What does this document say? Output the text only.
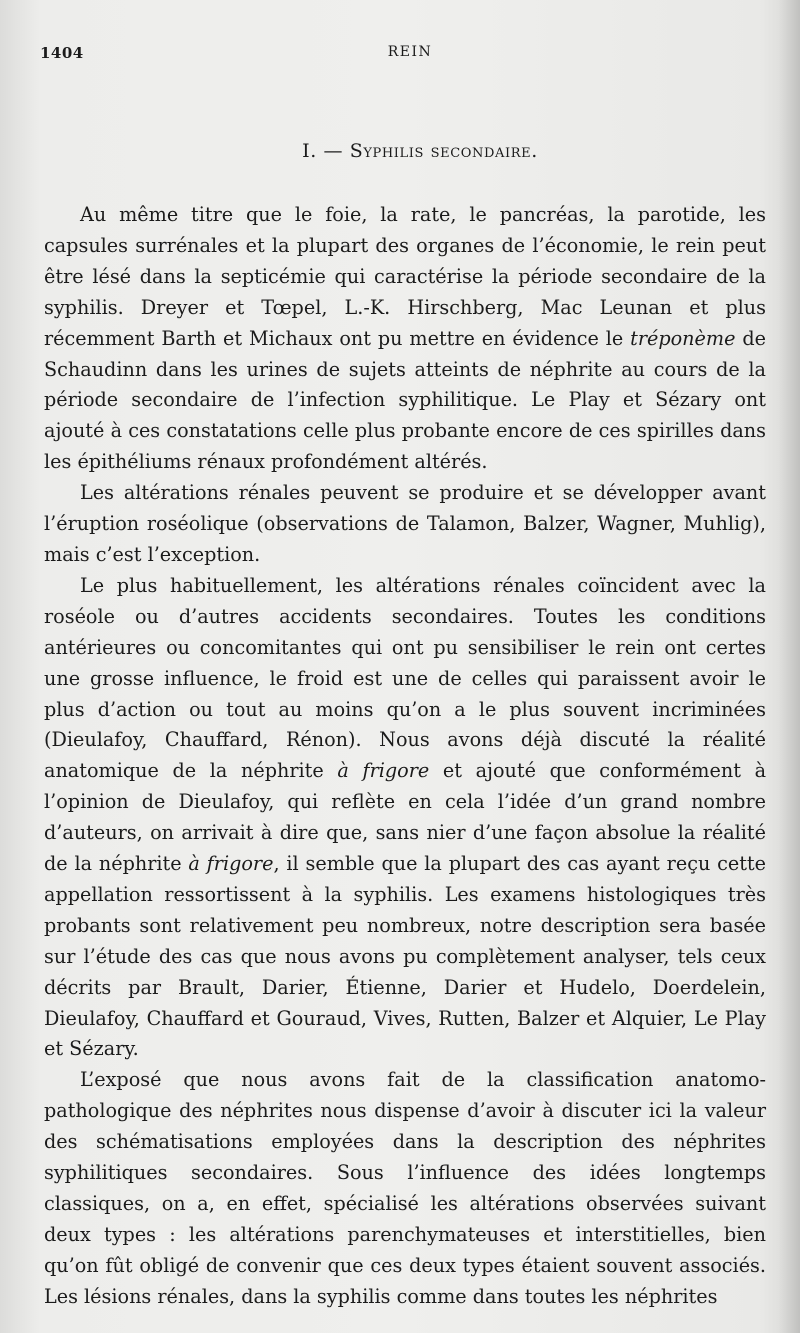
1404	REIN
I. — Syphilis secondaire.

Au même titre que le foie, la rate, le pancréas, la parotide, les capsules surrénales et la plupart des organes de l’économie, le rein peut être lésé dans la septicémie qui caractérise la période secondaire de la syphilis. Dreyer et Tœpel, L.-K. Hirschberg, Mac Leunan et plus récemment Barth et Michaux ont pu mettre en évidence le tréponème de Schaudinn dans les urines de sujets atteints de néphrite au cours de la période secondaire de l’infection syphilitique. Le Play et Sézary ont ajouté à ces constatations celle plus probante encore de ces spirilles dans les épithéliums rénaux profondément altérés.

Les altérations rénales peuvent se produire et se développer avant l’éruption roséolique (observations de Talamon, Balzer, Wagner, Muhlig), mais c’est l’exception.

Le plus habituellement, les altérations rénales coïncident avec la roséole ou d’autres accidents secondaires. Toutes les conditions antérieures ou concomitantes qui ont pu sensibiliser le rein ont certes une grosse influence, le froid est une de celles qui paraissent avoir le plus d’action ou tout au moins qu’on a le plus souvent incriminées (Dieulafoy, Chauffard, Rénon). Nous avons déjà discuté la réalité anatomique de la néphrite à frigore et ajouté que conformément à l’opinion de Dieulafoy, qui reflète en cela l’idée d’un grand nombre d’auteurs, on arrivait à dire que, sans nier d’une façon absolue la réalité de la néphrite à frigore, il semble que la plupart des cas ayant reçu cette appellation ressortissent à la syphilis. Les examens histologiques très probants sont relativement peu nombreux, notre description sera basée sur l’étude des cas que nous avons pu complètement analyser, tels ceux décrits par Brault, Darier, Étienne, Darier et Hudelo, Doerdelein, Dieulafoy, Chauffard et Gouraud, Vives, Rutten, Balzer et Alquier, Le Play et Sézary.

L’exposé que nous avons fait de la classification anatomo-pathologique des néphrites nous dispense d’avoir à discuter ici la valeur des schématisations employées dans la description des néphrites syphilitiques secondaires. Sous l’influence des idées longtemps classiques, on a, en effet, spécialisé les altérations observées suivant deux types : les altérations parenchymateuses et interstitielles, bien qu’on fût obligé de convenir que ces deux types étaient souvent associés. Les lésions rénales, dans la syphilis comme dans toutes les néphrites
